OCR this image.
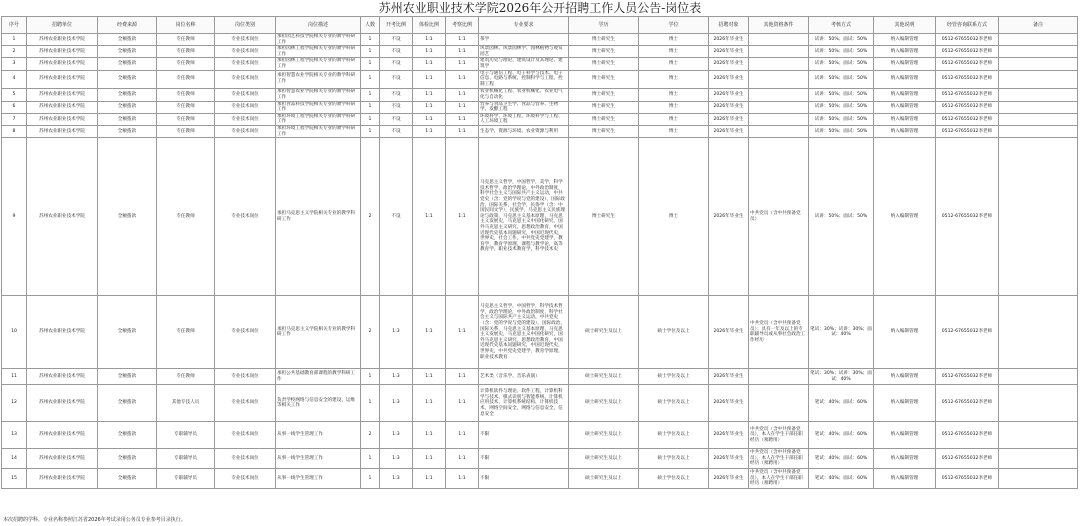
苏州农业职业技术学院2026年公开招聘工作人员公告-岗位表
序号	招聘单位	经费来源	岗位名称	岗位类别	岗位描述	人数	开考比例	体检比例	考察比例	专业要求	学历	学位	招聘对象	其他资格条件	考核方式	其他说明	经管咨询联系方式	备注
1	苏州农业职业技术学院	全额拨款	专任教师	专业技术岗位	承担园艺科技学院相关专业的教学科研工作	1	不设	1:1	1:1	茶学	博士研究生	博士	2026年毕业生		试讲：50%；面试：50%	纳入编制管理	0512-67655032李老师	
2	苏州农业职业技术学院	全额拨款	专任教师	专业技术岗位	承担园林工程学院相关专业的教学科研工作	1	不设	1:1	1:1	风景园林、风景园林学、园林植物与观赏园艺	博士研究生	博士	2026年毕业生		试讲：50%；面试：50%	纳入编制管理	0512-67655032李老师	
3	苏州农业职业技术学院	全额拨款	专任教师	专业技术岗位	承担园林工程学院相关专业的教学科研工作	1	不设	1:1	1:1	建筑历史与理论、建筑设计及其理论、建筑学	博士研究生	博士	2026年毕业生		试讲：50%；面试：50%	纳入编制管理	0512-67655032李老师	
4	苏州农业职业技术学院	全额拨款	专任教师	专业技术岗位	承担智慧农业学院相关专业的教学科研工作	1	不设	1:1	1:1	电子与通信工程、电子科学与技术、电子信息、电路与系统、控制科学与工程、控制工程	博士研究生	博士	2026年毕业生		试讲：50%；面试：50%	纳入编制管理	0512-67655032李老师	
5	苏州农业职业技术学院	全额拨款	专任教师	专业技术岗位	承担智慧农业学院相关专业的教学科研工作	1	不设	1:1	1:1	农业机械化工程、农业机械化、农业电气化与自动化	博士研究生	博士	2026年毕业生		试讲：50%；面试：50%	纳入编制管理	0512-67655032李老师	
6	苏州农业职业技术学院	全额拨款	专任教师	专业技术岗位	承担食品科技学院相关专业的教学科研工作	1	不设	1:1	1:1	营养与食品卫生学、食品与营养、生物学、发酵工程	博士研究生	博士	2026年毕业生		试讲：50%；面试：50%	纳入编制管理	0512-67655032李老师	
7	苏州农业职业技术学院	全额拨款	专任教师	专业技术岗位	承担环境工程学院相关专业的教学科研工作	1	不设	1:1	1:1	环境科学、环境工程、环境科学与工程、人工环境工程	博士研究生	博士	2026年毕业生		试讲：50%；面试：50%	纳入编制管理	0512-67655032李老师	
8	苏州农业职业技术学院	全额拨款	专任教师	专业技术岗位	承担环境工程学院相关专业的教学科研工作	1	不设	1:1	1:1	生态学、资源与环境、农业资源与利用	博士研究生	博士	2026年毕业生		试讲：50%；面试：50%	纳入编制管理	0512-67655032李老师	
9	苏州农业职业技术学院	全额拨款	专任教师	专业技术岗位	承担马克思主义学院相关专业的教学科研工作	2	不设	1:1	1:1	马克思主义哲学，中国哲学，美学，科学技术哲学，政治学理论，中外政治制度，科学社会主义与国际共产主义运动，中共党史（含：党的学说与党的建设），国际政治，国际关系，社会学，民俗学（含：中国民间文学），民族学，马克思主义民族理论与政策，马克思主义基本原理，马克思主义发展史，马克思主义中国化研究，国外马克思主义研究，思想政治教育，中国近现代史基本问题研究，中国近现代史，世界史，社会工作，中共党史党建学，教育学，教育学原理，课程与教学论，高等教育学，职业技术教育学，科学技术史	博士研究生	博士	2026年毕业生	中共党员（含中共预备党员）	试讲：50%；面试：50%	纳入编制管理	0512-67655032李老师	
10	苏州农业职业技术学院	全额拨款	专任教师	专业技术岗位	承担马克思主义学院相关专业的教学科研工作	2	1:3	1:1	1:1	马克思主义哲学，中国哲学，科学技术哲学，政治学理论，中外政治制度，科学社会主义与国际共产主义运动，中共党史（含：党的学说与党的建设），国际政治，国际关系，马克思主义基本原理，马克思主义发展史，马克思主义中国化研究，国外马克思主义研究，思想政治教育，中国近现代史基本问题研究，中国近现代史，世界史，中共党史党建学，教育学原理，职业技术教育	硕士研究生及以上	硕士学位及以上	2026年毕业生	中共党员（含中共预备党员）；具有一年及以上的专职辅导员或从事社会政治工作经历	笔试：30%；试讲：30%；面试：40%	纳入编制管理	0512-67655032李老师	
11	苏州农业职业技术学院	全额拨款	专任教师	专业技术岗位	承担公共基础教育部课程的教学科研工作	1	1:3	1:1	1:1	艺术类（音乐学、音乐表演）	硕士研究生及以上	硕士学位及以上	2026年毕业生		笔试：30%；试讲：30%；面试：40%	纳入编制管理	0512-67655032李老师	
12	苏州农业职业技术学院	全额拨款	其他专技人员	专业技术岗位	负责学校网络与信息安全的建设、运维等相关工作	1	1:3	1:1	1:1	计算机软件与理论、软件工程，计算机科学与技术、模式识别与智能系统，计算机应用技术，计算机系统结构，计算机技术，网络空间安全，网络与信息安全，信息安全	硕士研究生及以上	硕士学位及以上	2026年毕业生		笔试：40%；面试：60%	纳入编制管理	0512-67655032李老师	
13	苏州农业职业技术学院	全额拨款	专职辅导员	专业技术岗位	从事一线学生管理工作	2	1:3	1:1	1:1	不限	硕士研究生及以上	硕士学位及以上	2026年毕业生	中共党员（含中共预备党员），本人在学生干部任职经历（须聘用）	笔试：40%；面试：60%	纳入编制管理	0512-67655032李老师	
14	苏州农业职业技术学院	全额拨款	专职辅导员	专业技术岗位	从事一线学生管理工作	1	1:3	1:1	1:1	不限	硕士研究生及以上	硕士学位及以上	2026年毕业生	中共党员（含中共预备党员），本人在学生干部任职经历（须聘用）	笔试：40%；面试：60%	纳入编制管理	0512-67655032李老师	
15	苏州农业职业技术学院	全额拨款	专职辅导员	专业技术岗位	从事一线学生管理工作	1	1:3	1:1	1:1	不限	硕士研究生及以上	硕士学位及以上	2026年毕业生	中共党员（含中共预备党员），本人在学生干部任职经历（须聘用）	笔试：40%；面试：60%	纳入编制管理	0512-67655032李老师	
本次招聘的学科、专业名称参照江苏省2026年考试录用公务员专业参考目录执行。
